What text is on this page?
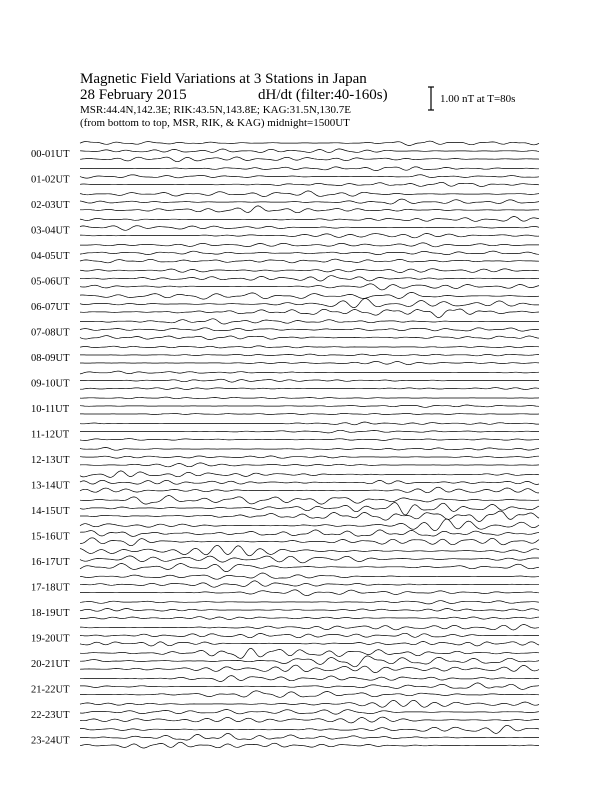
Magnetic Field Variations at 3 Stations in Japan
28 February 2015	dH/dt (filter:40-160s)
MSR:44.4N,142.3E; RIK:43.5N,143.8E; KAG:31.5N,130.7E
(from bottom to top, MSR, RIK, & KAG) midnight=1500UT
1.00 nT at T=80s
00-01UT
01-02UT
02-03UT
03-04UT
04-05UT
05-06UT
06-07UT
07-08UT
08-09UT
09-10UT
10-11UT
11-12UT
12-13UT
13-14UT
14-15UT
15-16UT
16-17UT
17-18UT
18-19UT
19-20UT
20-21UT
21-22UT
22-23UT
23-24UT
